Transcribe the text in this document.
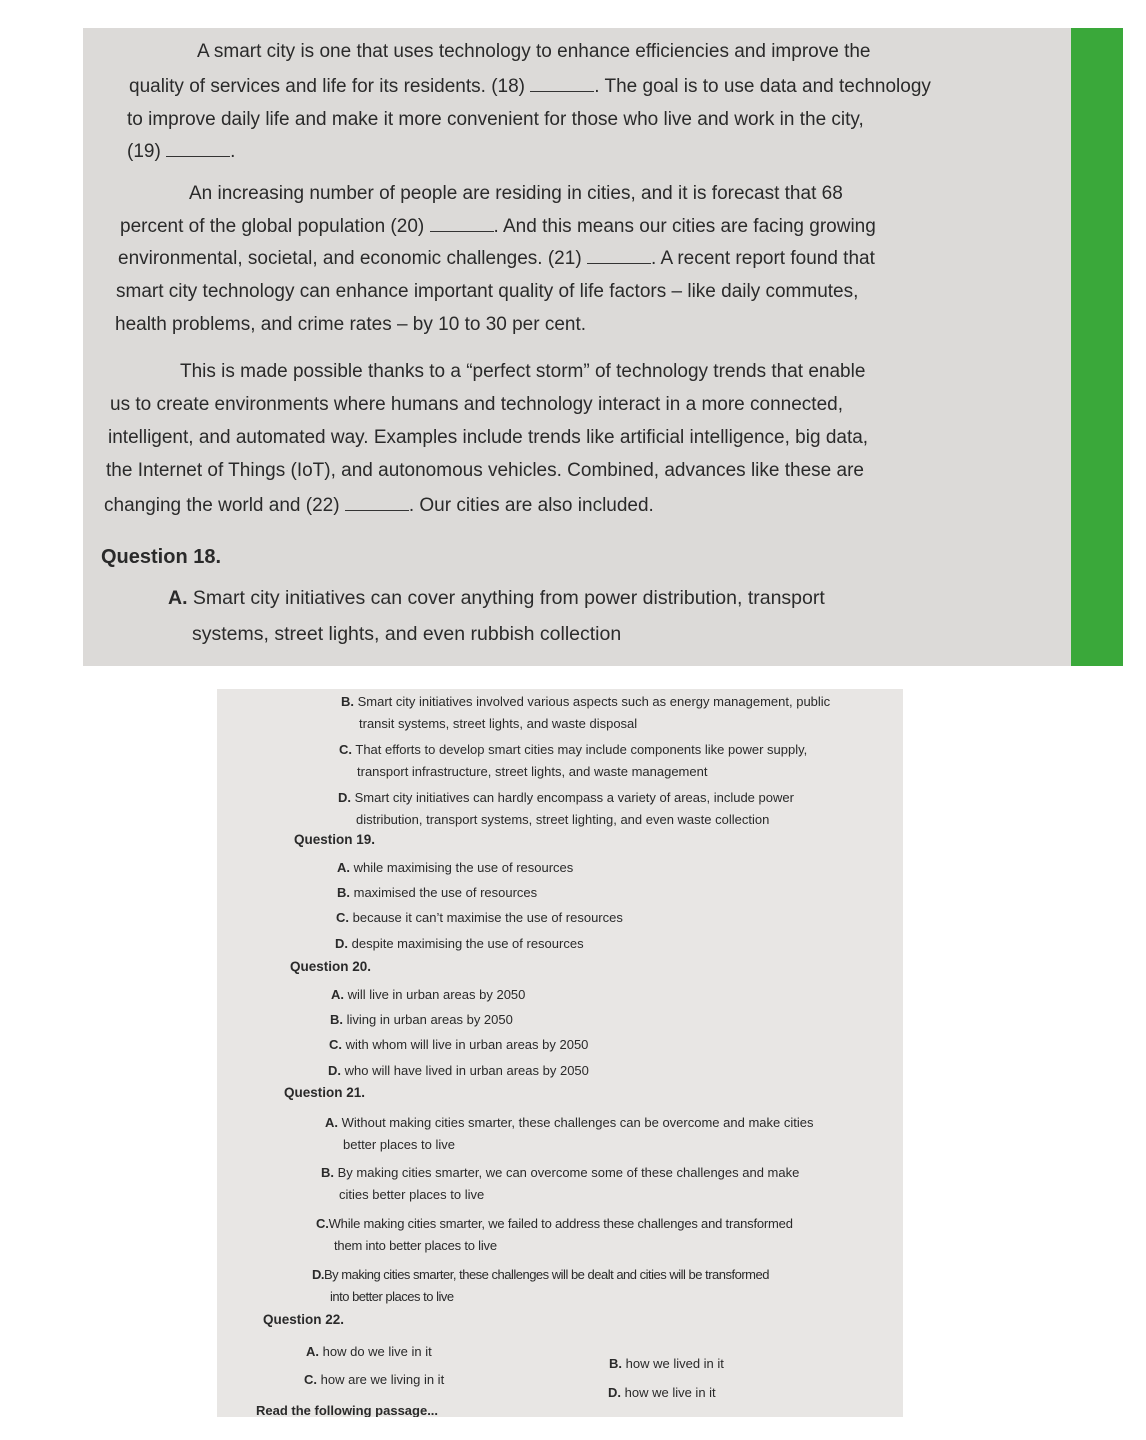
A smart city is one that uses technology to enhance efficiencies and improve the
quality of services and life for its residents. (18)	. The goal is to use data and technology
to improve daily life and make it more convenient for those who live and work in the city,
(19)	.
An increasing number of people are residing in cities, and it is forecast that 68
percent of the global population (20)	. And this means our cities are facing growing
environmental, societal, and economic challenges. (21)	. A recent report found that
smart city technology can enhance important quality of life factors – like daily commutes,
health problems, and crime rates – by 10 to 30 per cent.
This is made possible thanks to a “perfect storm” of technology trends that enable
us to create environments where humans and technology interact in a more connected,
intelligent, and automated way. Examples include trends like artificial intelligence, big data,
the Internet of Things (IoT), and autonomous vehicles. Combined, advances like these are
changing the world and (22)	. Our cities are also included.
Question 18.
A. Smart city initiatives can cover anything from power distribution, transport
systems, street lights, and even rubbish collection
B. Smart city initiatives involved various aspects such as energy management, public
transit systems, street lights, and waste disposal
C. That efforts to develop smart cities may include components like power supply,
transport infrastructure, street lights, and waste management
D. Smart city initiatives can hardly encompass a variety of areas, include power
distribution, transport systems, street lighting, and even waste collection
Question 19.
A. while maximising the use of resources
B. maximised the use of resources
C. because it can’t maximise the use of resources
D. despite maximising the use of resources
Question 20.
A. will live in urban areas by 2050
B. living in urban areas by 2050
C. with whom will live in urban areas by 2050
D. who will have lived in urban areas by 2050
Question 21.
A. Without making cities smarter, these challenges can be overcome and make cities
better places to live
B. By making cities smarter, we can overcome some of these challenges and make
cities better places to live
C.While making cities smarter, we failed to address these challenges and transformed
them into better places to live
D.By making cities smarter, these challenges will be dealt and cities will be transformed
into better places to live
Question 22.
A. how do we live in it
B. how we lived in it
C. how are we living in it
D. how we live in it
Read the following passage...
